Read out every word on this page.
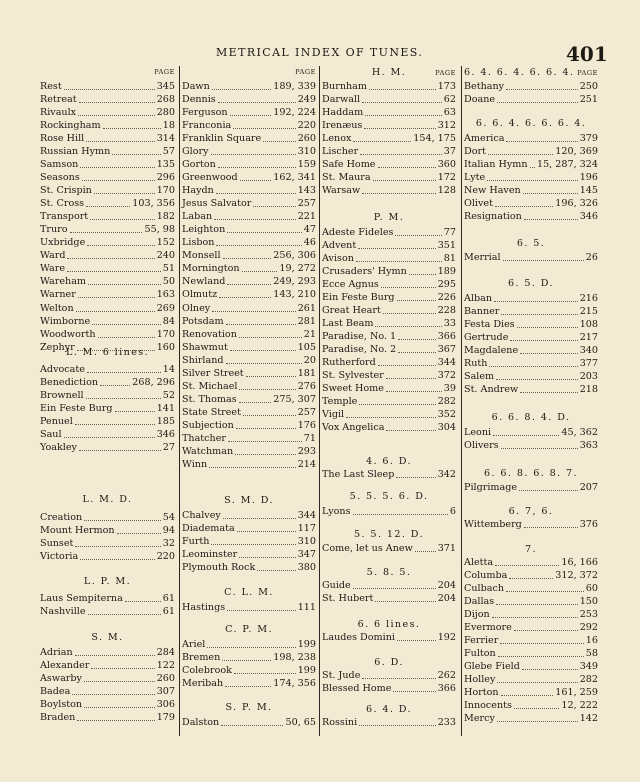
METRICAL INDEX OF TUNES.	401
PAGE
Rest	345
Retreat	268
Rivaulx	280
Rockingham	18
Rose Hill	314
Russian Hymn	57
Samson	135
Seasons	296
St. Crispin	170
St. Cross	103, 356
Transport	182
Truro	55, 98
Uxbridge	152
Ward	240
Ware	51
Wareham	50
Warner	163
Welton	269
Wimborne	84
Woodworth	170
Zephyr	160
L. M. 6 lines.
Advocate	14
Benediction	268, 296
Brownell	52
Ein Feste Burg	141
Penuel	185
Saul	346
Yoakley	27
L. M. D.
Creation	54
Mount Hermon	94
Sunset	32
Victoria	220
L. P. M.
Laus Sempiterna	61
Nashville	61
S. M.
Adrian	284
Alexander	122
Aswarby	260
Badea	307
Boylston	306
Braden	179
PAGE
Dawn	189, 339
Dennis	249
Ferguson	192, 224
Franconia	220
Franklin Square	260
Glory	310
Gorton	159
Greenwood	162, 341
Haydn	143
Jesus Salvator	257
Laban	221
Leighton	47
Lisbon	46
Monsell	256, 306
Mornington	19, 272
Newland	249, 293
Olmutz	143, 210
Olney	261
Potsdam	281
Renovation	21
Shawmut	105
Shirland	20
Silver Street	181
St. Michael	276
St. Thomas	275, 307
State Street	257
Subjection	176
Thatcher	71
Watchman	293
Winn	214
S. M. D.
Chalvey	344
Diademata	117
Furth	310
Leominster	347
Plymouth Rock	380
C. L. M.
Hastings	111
C. P. M.
Ariel	199
Bremen	198, 238
Colebrook	199
Meribah	174, 356
S. P. M.
Dalston	50, 65
H. M.	PAGE
Burnham	173
Darwall	62
Haddam	63
Irenæus	312
Lenox	154, 175
Lischer	37
Safe Home	360
St. Maura	172
Warsaw	128
P. M.
Adeste Fideles	77
Advent	351
Avison	81
Crusaders' Hymn	189
Ecce Agnus	295
Ein Feste Burg	226
Great Heart	228
Last Beam	33
Paradise, No. 1	366
Paradise, No. 2	367
Rutherford	344
St. Sylvester	372
Sweet Home	39
Temple	282
Vigil	352
Vox Angelica	304
4. 6. D.
The Last Sleep	342
5. 5. 5. 6. D.
Lyons	6
5. 5. 12. D.
Come, let us Anew	371
5. 8. 5.
Guide	204
St. Hubert	204
6. 6 lines.
Laudes Domini	192
6. D.
St. Jude	262
Blessed Home	366
6. 4. D.
Rossini	233
6. 4. 6. 4. 6. 6. 4. PAGE
Bethany	250
Doane	251
6. 6. 4. 6. 6. 6. 4.
America	379
Dort	120, 369
Italian Hymn 15, 287, 324
Lyte	196
New Haven	145
Olivet	196, 326
Resignation	346
6. 5.
Merrial	26
6. 5. D.
Alban	216
Banner	215
Festa Dies	108
Gertrude	217
Magdalene	340
Ruth	377
Salem	203
St. Andrew	218
6. 6. 8. 4. D.
Leoni	45, 362
Olivers	363
6. 6. 8. 6. 8. 7.
Pilgrimage	207
6. 7, 6.
Wittemberg	376
7.
Aletta	16, 166
Columba	312, 372
Culbach	60
Dallas	150
Dijon	253
Evermore	292
Ferrier	16
Fulton	58
Glebe Field	349
Holley	282
Horton	161, 259
Innocents	12, 222
Mercy	142
